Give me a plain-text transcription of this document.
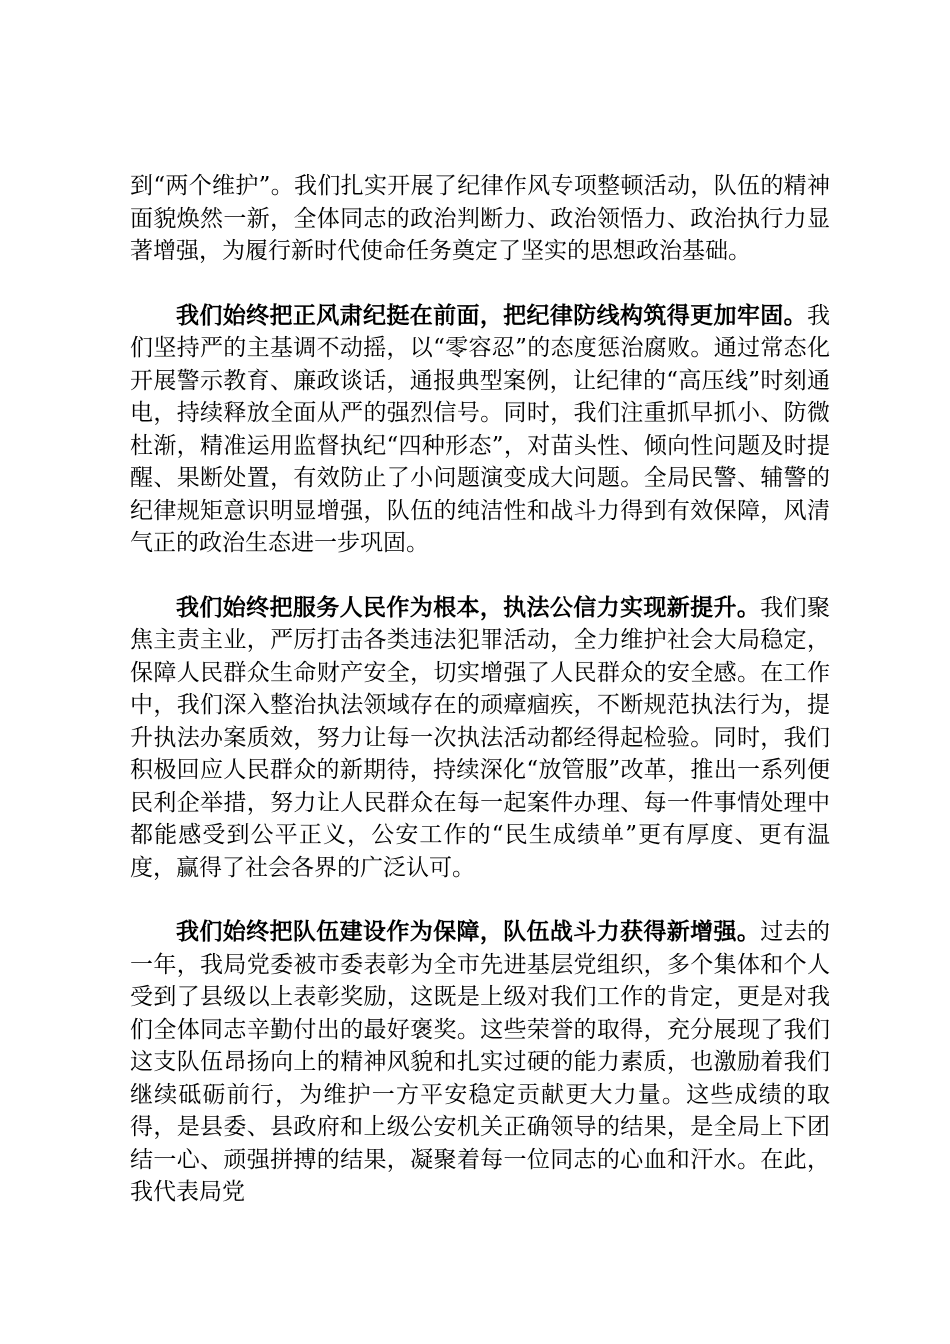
到“两个维护”。我们扎实开展了纪律作风专项整顿活动，队伍的精神面貌焕然一新，全体同志的政治判断力、政治领悟力、政治执行力显著增强，为履行新时代使命任务奠定了坚实的思想政治基础。

我们始终把正风肃纪挺在前面，把纪律防线构筑得更加牢固。我们坚持严的主基调不动摇，以“零容忍”的态度惩治腐败。通过常态化开展警示教育、廉政谈话，通报典型案例，让纪律的“高压线”时刻通电，持续释放全面从严的强烈信号。同时，我们注重抓早抓小、防微杜渐，精准运用监督执纪“四种形态”，对苗头性、倾向性问题及时提醒、果断处置，有效防止了小问题演变成大问题。全局民警、辅警的纪律规矩意识明显增强，队伍的纯洁性和战斗力得到有效保障，风清气正的政治生态进一步巩固。

我们始终把服务人民作为根本，执法公信力实现新提升。我们聚焦主责主业，严厉打击各类违法犯罪活动，全力维护社会大局稳定，保障人民群众生命财产安全，切实增强了人民群众的安全感。在工作中，我们深入整治执法领域存在的顽瘴痼疾，不断规范执法行为，提升执法办案质效，努力让每一次执法活动都经得起检验。同时，我们积极回应人民群众的新期待，持续深化“放管服”改革，推出一系列便民利企举措，努力让人民群众在每一起案件办理、每一件事情处理中都能感受到公平正义，公安工作的“民生成绩单”更有厚度、更有温度，赢得了社会各界的广泛认可。

我们始终把队伍建设作为保障，队伍战斗力获得新增强。过去的一年，我局党委被市委表彰为全市先进基层党组织，多个集体和个人受到了县级以上表彰奖励，这既是上级对我们工作的肯定，更是对我们全体同志辛勤付出的最好褒奖。这些荣誉的取得，充分展现了我们这支队伍昂扬向上的精神风貌和扎实过硬的能力素质，也激励着我们继续砥砺前行，为维护一方平安稳定贡献更大力量。这些成绩的取得，是县委、县政府和上级公安机关正确领导的结果，是全局上下团结一心、顽强拼搏的结果，凝聚着每一位同志的心血和汗水。在此，我代表局党
